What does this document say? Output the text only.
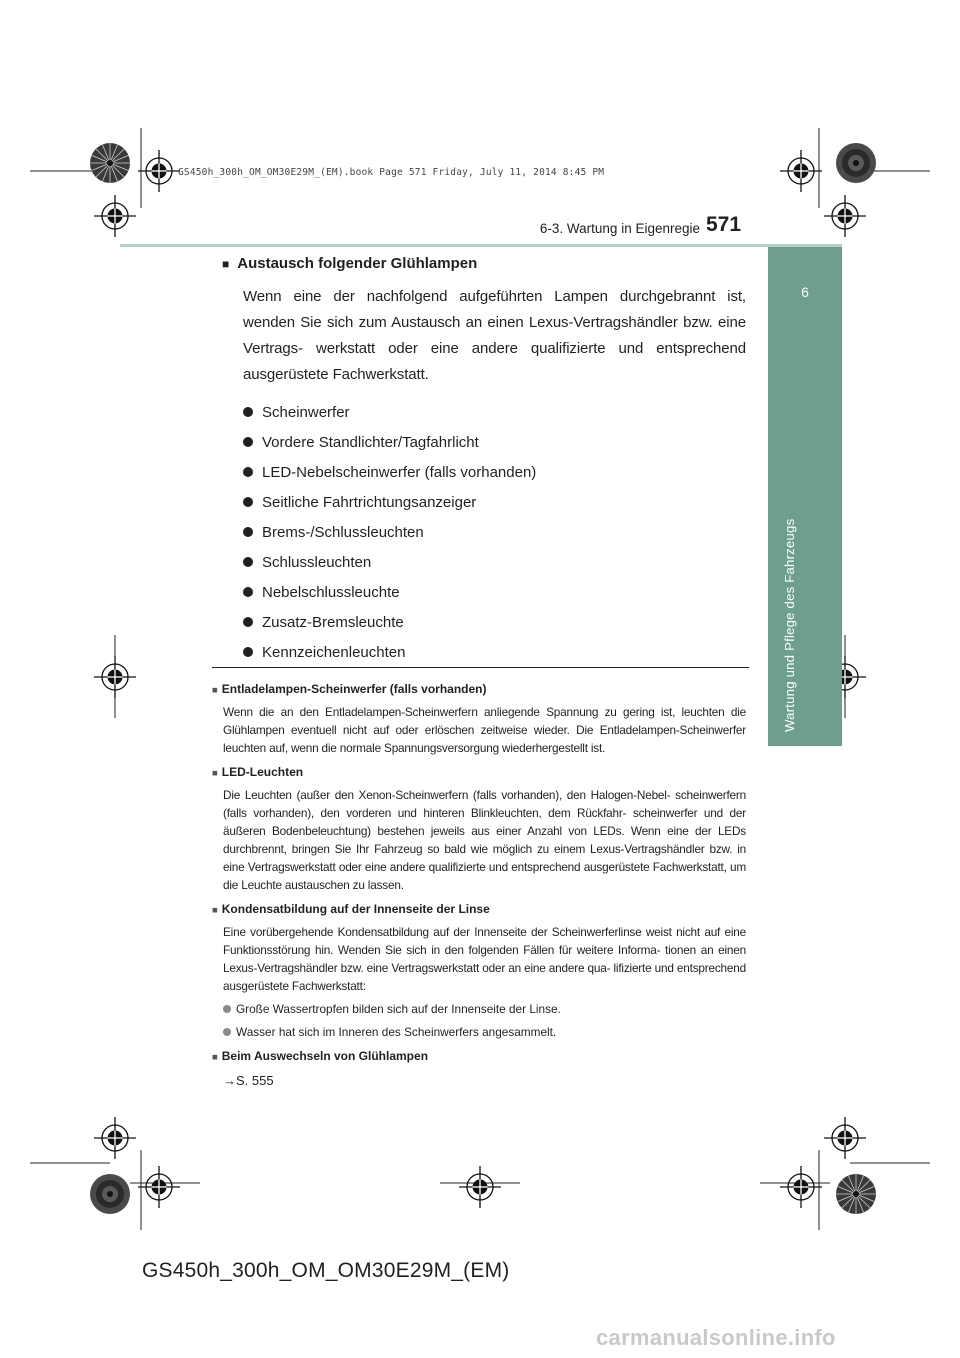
GS450h_300h_OM_OM30E29M_(EM).book Page 571 Friday, July 11, 2014 8:45 PM
6-3. Wartung in Eigenregie 571
6
Wartung und Pflege des Fahrzeugs
■ Austausch folgender Glühlampen

Wenn eine der nachfolgend aufgeführten Lampen durchgebrannt ist, wenden Sie sich zum Austausch an einen Lexus-Vertragshändler bzw. eine Vertrags- werkstatt oder eine andere qualifizierte und entsprechend ausgerüstete Fachwerkstatt.

Scheinwerfer
Vordere Standlichter/Tagfahrlicht
LED-Nebelscheinwerfer (falls vorhanden)
Seitliche Fahrtrichtungsanzeiger
Brems-/Schlussleuchten
Schlussleuchten
Nebelschlussleuchte
Zusatz-Bremsleuchte
Kennzeichenleuchten
■ Entladelampen-Scheinwerfer (falls vorhanden)
Wenn die an den Entladelampen-Scheinwerfern anliegende Spannung zu gering ist, leuchten die Glühlampen eventuell nicht auf oder erlöschen zeitweise wieder. Die Entladelampen-Scheinwerfer leuchten auf, wenn die normale Spannungsversorgung wiederhergestellt ist.
■ LED-Leuchten
Die Leuchten (außer den Xenon-Scheinwerfern (falls vorhanden), den Halogen-Nebel- scheinwerfern (falls vorhanden), den vorderen und hinteren Blinkleuchten, dem Rückfahr- scheinwerfer und der äußeren Bodenbeleuchtung) bestehen jeweils aus einer Anzahl von LEDs. Wenn eine der LEDs durchbrennt, bringen Sie Ihr Fahrzeug so bald wie möglich zu einem Lexus-Vertragshändler bzw. in eine Vertragswerkstatt oder eine andere qualifizierte und entsprechend ausgerüstete Fachwerkstatt, um die Leuchte austauschen zu lassen.
■ Kondensatbildung auf der Innenseite der Linse
Eine vorübergehende Kondensatbildung auf der Innenseite der Scheinwerferlinse weist nicht auf eine Funktionsstörung hin. Wenden Sie sich in den folgenden Fällen für weitere Informa- tionen an einen Lexus-Vertragshändler bzw. eine Vertragswerkstatt oder an eine andere qua- lifizierte und entsprechend ausgerüstete Fachwerkstatt:
Große Wassertropfen bilden sich auf der Innenseite der Linse.
Wasser hat sich im Inneren des Scheinwerfers angesammelt.
■ Beim Auswechseln von Glühlampen
→S. 555
GS450h_300h_OM_OM30E29M_(EM)
carmanualsonline.info
